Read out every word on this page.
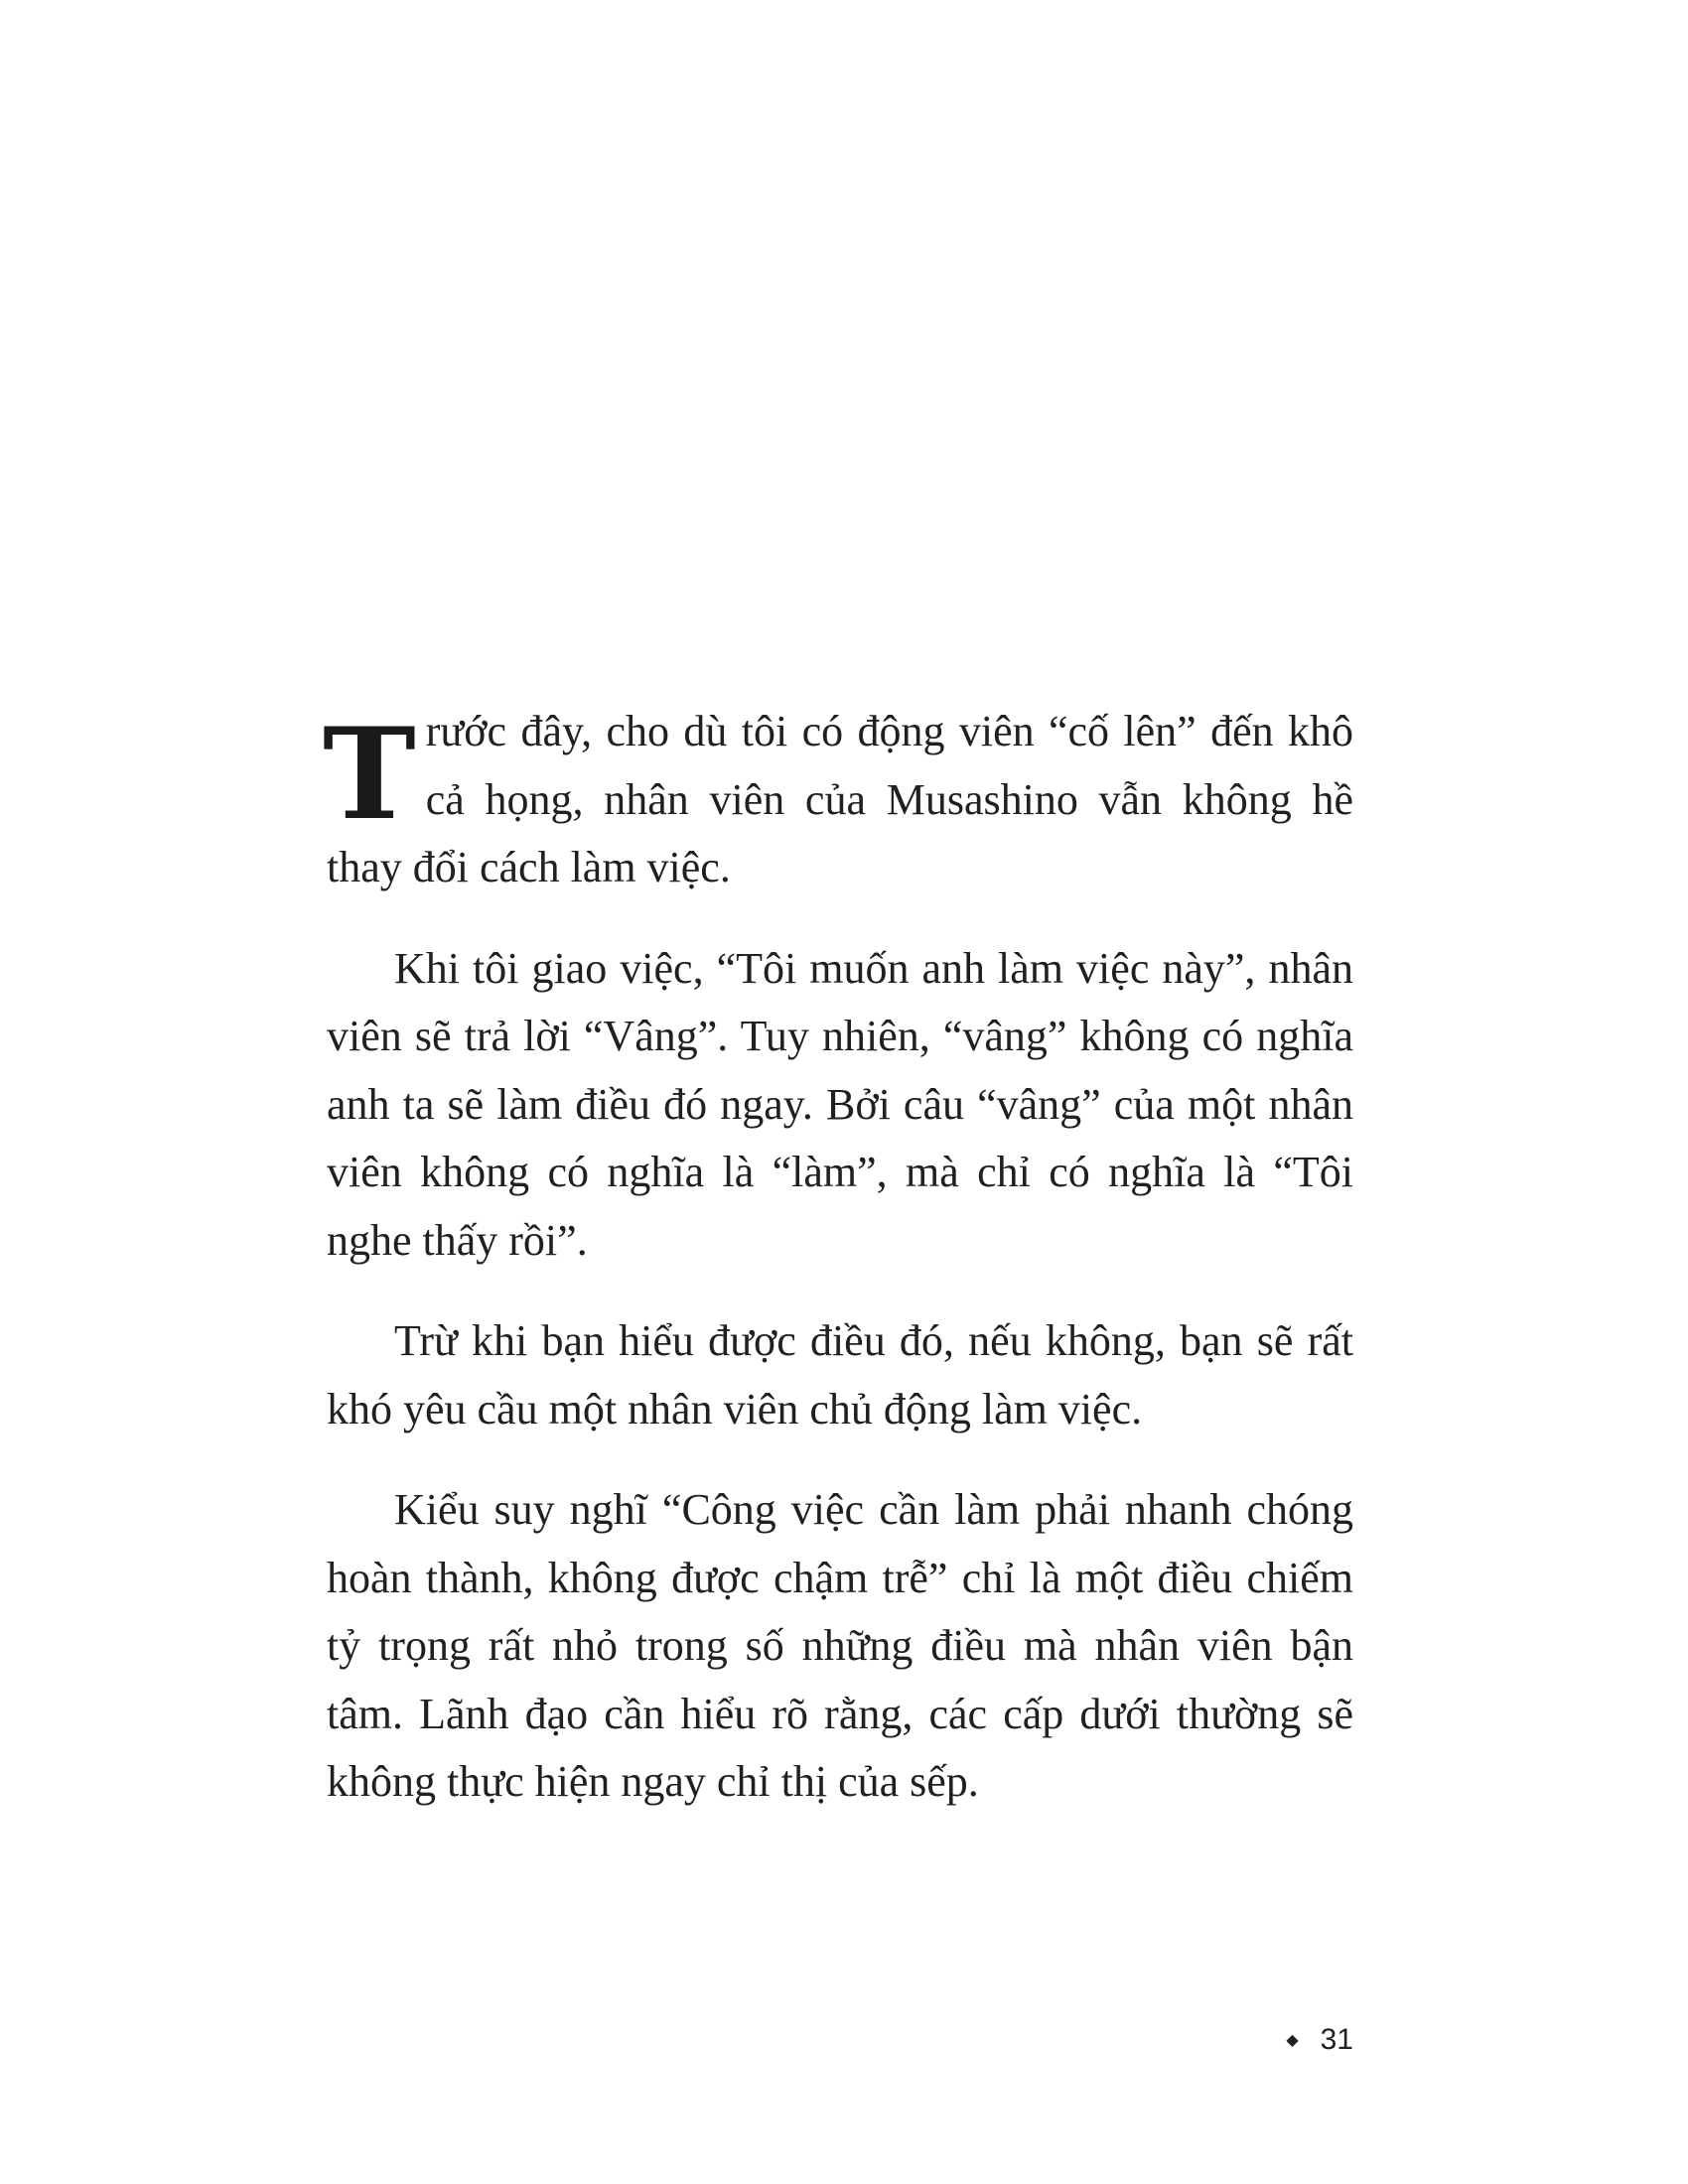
Trước đây, cho dù tôi có động viên “cố lên” đến khô cả họng, nhân viên của Musashino vẫn không hề thay đổi cách làm việc.

Khi tôi giao việc, “Tôi muốn anh làm việc này”, nhân viên sẽ trả lời “Vâng”. Tuy nhiên, “vâng” không có nghĩa anh ta sẽ làm điều đó ngay. Bởi câu “vâng” của một nhân viên không có nghĩa là “làm”, mà chỉ có nghĩa là “Tôi nghe thấy rồi”.

Trừ khi bạn hiểu được điều đó, nếu không, bạn sẽ rất khó yêu cầu một nhân viên chủ động làm việc.

Kiểu suy nghĩ “Công việc cần làm phải nhanh chóng hoàn thành, không được chậm trễ” chỉ là một điều chiếm tỷ trọng rất nhỏ trong số những điều mà nhân viên bận tâm. Lãnh đạo cần hiểu rõ rằng, các cấp dưới thường sẽ không thực hiện ngay chỉ thị của sếp.

◆ 31
